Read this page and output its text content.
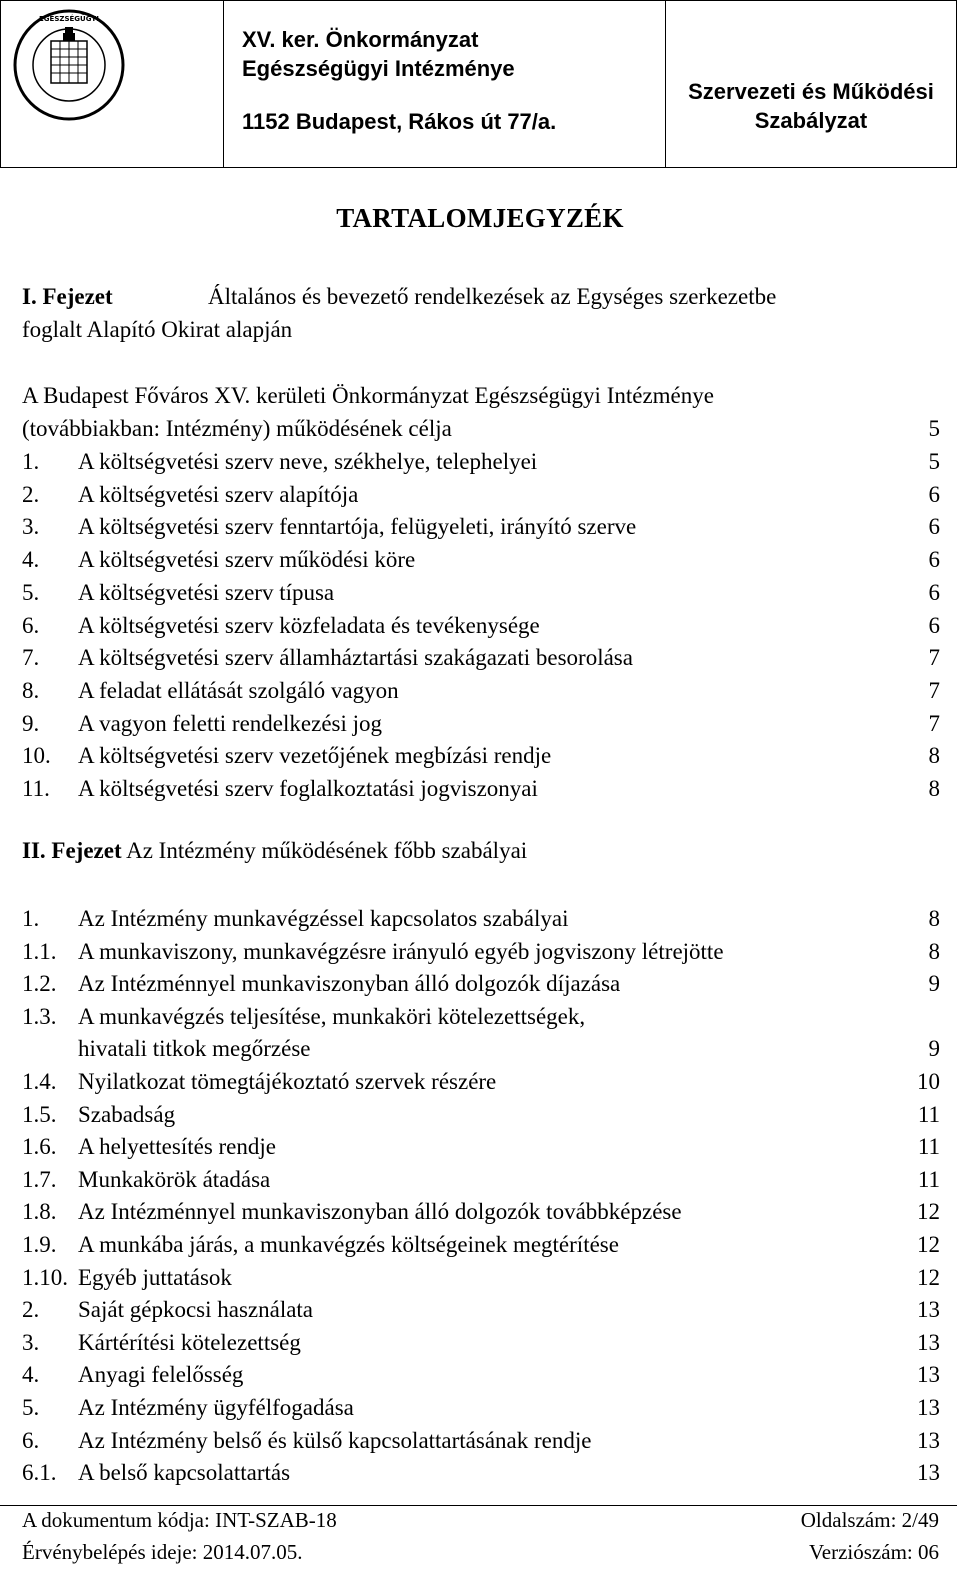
EGÉSZSÉGÜGYI
XV. ker. Önkormányzat
Egészségügyi Intézménye
1152 Budapest, Rákos út 77/a.
Szervezeti és Működési
Szabályzat
TARTALOMJEGYZÉK
I. Fejezet	Általános és bevezető rendelkezések az Egységes szerkezetbe
foglalt Alapító Okirat alapján
A Budapest Főváros XV. kerületi Önkormányzat Egészségügyi Intézménye
(továbbiakban: Intézmény) működésének célja	5
1. A költségvetési szerv neve, székhelye, telephelyei	5
2. A költségvetési szerv alapítója	6
3. A költségvetési szerv fenntartója, felügyeleti, irányító szerve	6
4. A költségvetési szerv működési köre	6
5. A költségvetési szerv típusa	6
6. A költségvetési szerv közfeladata és tevékenysége	6
7. A költségvetési szerv államháztartási szakágazati besorolása	7
8. A feladat ellátását szolgáló vagyon	7
9. A vagyon feletti rendelkezési jog	7
10. A költségvetési szerv vezetőjének megbízási rendje	8
11. A költségvetési szerv foglalkoztatási jogviszonyai	8
II. Fejezet Az Intézmény működésének főbb szabályai
1. Az Intézmény munkavégzéssel kapcsolatos szabályai	8
1.1. A munkaviszony, munkavégzésre irányuló egyéb jogviszony létrejötte	8
1.2. Az Intézménnyel munkaviszonyban álló dolgozók díjazása	9
1.3. A munkavégzés teljesítése, munkaköri kötelezettségek,
hivatali titkok megőrzése	9
1.4. Nyilatkozat tömegtájékoztató szervek részére	10
1.5. Szabadság	11
1.6. A helyettesítés rendje	11
1.7. Munkakörök átadása	11
1.8. Az Intézménnyel munkaviszonyban álló dolgozók továbbképzése	12
1.9. A munkába járás, a munkavégzés költségeinek megtérítése	12
1.10. Egyéb juttatások	12
2. Saját gépkocsi használata	13
3. Kártérítési kötelezettség	13
4. Anyagi felelősség	13
5. Az Intézmény ügyfélfogadása	13
6. Az Intézmény belső és külső kapcsolattartásának rendje	13
6.1. A belső kapcsolattartás	13
A dokumentum kódja: INT-SZAB-18
Érvénybelépés ideje: 2014.07.05.
Oldalszám: 2/49
Verziószám: 06
